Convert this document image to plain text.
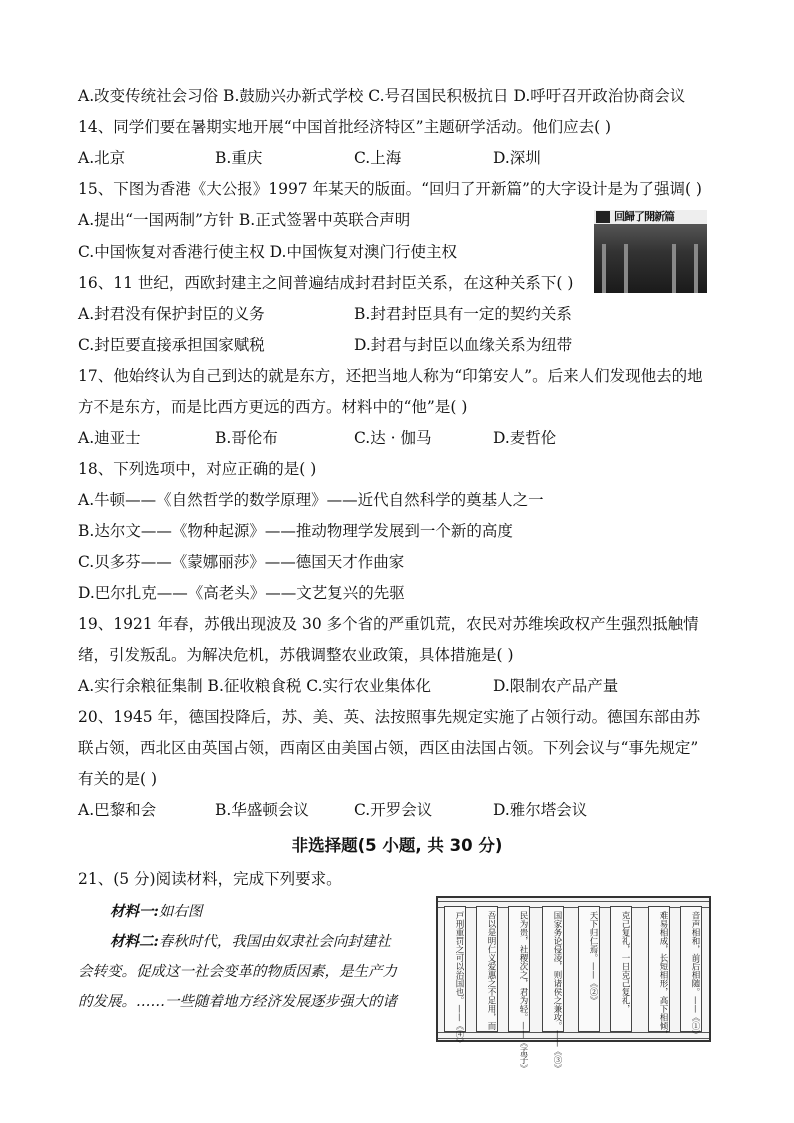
A.改变传统社会习俗 B.鼓励兴办新式学校 C.号召国民积极抗日 D.呼吁召开政治协商会议
14、同学们要在暑期实地开展“中国首批经济特区”主题研学活动。他们应去( )
A.北京	B.重庆	C.上海	D.深圳
15、下图为香港《大公报》1997 年某天的版面。“回归了开新篇”的大字设计是为了强调( )
A.提出“一国两制”方针 B.正式签署中英联合声明
C.中国恢复对香港行使主权 D.中国恢复对澳门行使主权
回歸了開新篇
16、11 世纪，西欧封建主之间普遍结成封君封臣关系，在这种关系下( )
A.封君没有保护封臣的义务	B.封君封臣具有一定的契约关系
C.封臣要直接承担国家赋税	D.封君与封臣以血缘关系为纽带
17、他始终认为自己到达的就是东方，还把当地人称为“印第安人”。后来人们发现他去的地
方不是东方，而是比西方更远的西方。材料中的“他”是( )
A.迪亚士	B.哥伦布	C.达 · 伽马	D.麦哲伦
18、下列选项中，对应正确的是( )
A.牛顿——《自然哲学的数学原理》——近代自然科学的奠基人之一
B.达尔文——《物种起源》——推动物理学发展到一个新的高度
C.贝多芬——《蒙娜丽莎》——德国天才作曲家
D.巴尔扎克——《高老头》——文艺复兴的先驱
19、1921 年春，苏俄出现波及 30 多个省的严重饥荒，农民对苏维埃政权产生强烈抵触情
绪，引发叛乱。为解决危机，苏俄调整农业政策，具体措施是( )
A.实行余粮征集制 B.征收粮食税 C.实行农业集体化	D.限制农产品产量
20、1945 年，德国投降后，苏、美、英、法按照事先规定实施了占领行动。德国东部由苏
联占领，西北区由英国占领，西南区由美国占领，西区由法国占领。下列会议与“事先规定”
有关的是( )
A.巴黎和会	B.华盛顿会议	C.开罗会议	D.雅尔塔会议
非选择题(5 小题, 共 30 分)
21、(5 分)阅读材料，完成下列要求。
材料一:如右图
材料二:春秋时代，我国由奴隶社会向封建社
会转变。促成这一社会变革的物质因素，是生产力
的发展。……一些随着地方经济发展逐步强大的诸	戸刑重罚之可以治国也。——《④》	吾以是明仁义爱惠之不足用，而	民为贵，社稷次之，君为轻。——《孟子》	国家务论侵凌，则诸侯之兼攻。——《③》	天下归仁焉。——《②》	克己复礼，一日克己复礼，	难易相成，长短相形，高下相倾，	音声相和，前后相随。——《①》
